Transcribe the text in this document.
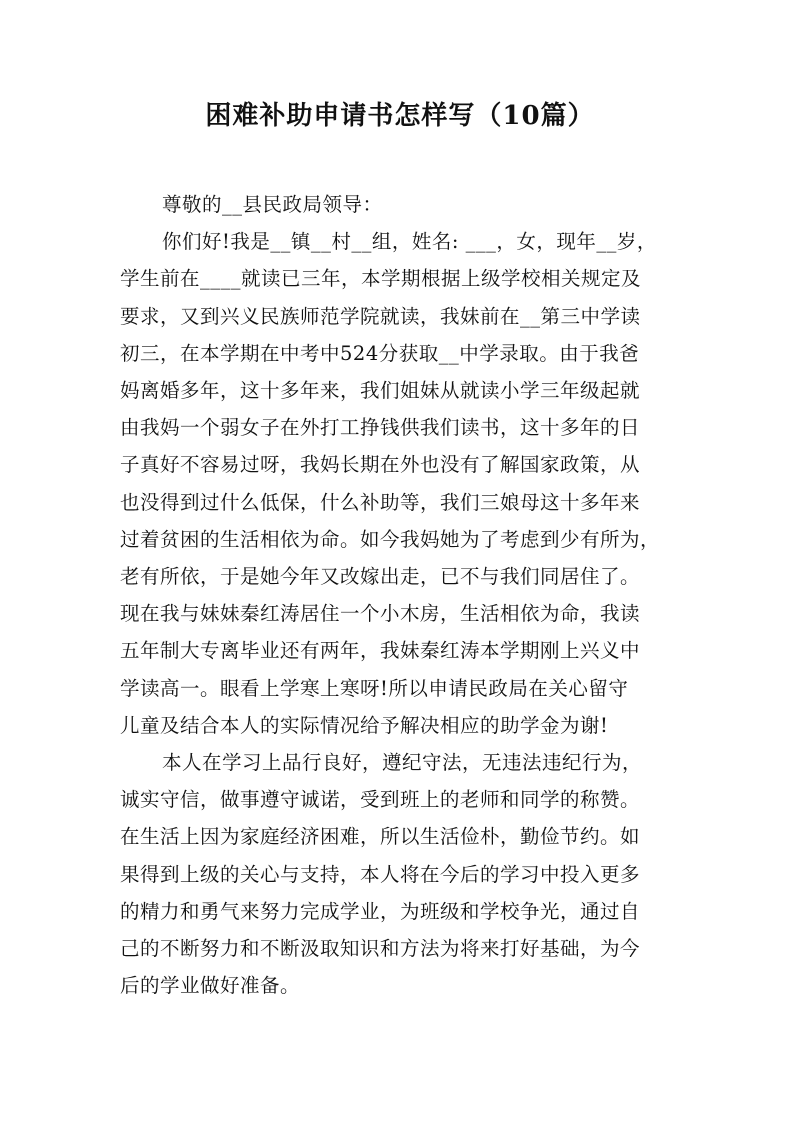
困难补助申请书怎样写（10篇）
尊敬的__县民政局领导：
你们好!我是__镇__村__组，姓名: ___，女，现年__岁，
学生前在____就读已三年，本学期根据上级学校相关规定及
要求，又到兴义民族师范学院就读，我妹前在__第三中学读
初三，在本学期在中考中524分获取__中学录取。由于我爸
妈离婚多年，这十多年来，我们姐妹从就读小学三年级起就
由我妈一个弱女子在外打工挣钱供我们读书，这十多年的日
子真好不容易过呀，我妈长期在外也没有了解国家政策，从
也没得到过什么低保，什么补助等，我们三娘母这十多年来
过着贫困的生活相依为命。如今我妈她为了考虑到少有所为，
老有所依，于是她今年又改嫁出走，已不与我们同居住了。
现在我与妹妹秦红涛居住一个小木房，生活相依为命，我读
五年制大专离毕业还有两年，我妹秦红涛本学期刚上兴义中
学读高一。眼看上学寒上寒呀!所以申请民政局在关心留守
儿童及结合本人的实际情况给予解决相应的助学金为谢!
本人在学习上品行良好，遵纪守法，无违法违纪行为，
诚实守信，做事遵守诚诺，受到班上的老师和同学的称赞。
在生活上因为家庭经济困难，所以生活俭朴，勤俭节约。如
果得到上级的关心与支持，本人将在今后的学习中投入更多
的精力和勇气来努力完成学业，为班级和学校争光，通过自
己的不断努力和不断汲取知识和方法为将来打好基础，为今
后的学业做好准备。
